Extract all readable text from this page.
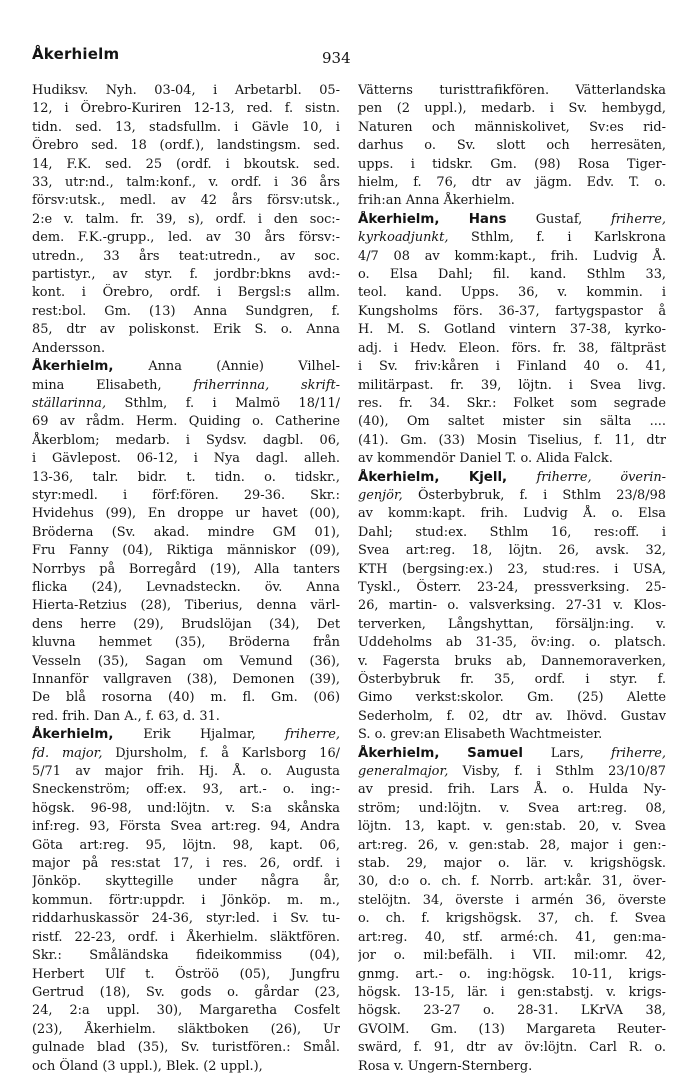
Åkerhielm	934
Hudiksv. Nyh. 03-04, i Arbetarbl. 05-
12, i Örebro-Kuriren 12-13, red. f. sistn.
tidn. sed. 13, stadsfullm. i Gävle 10, i
Örebro sed. 18 (ordf.), landstingsm. sed.
14, F.K. sed. 25 (ordf. i bkoutsk. sed.
33, utr:nd., talm:konf., v. ordf. i 36 års
försv:utsk., medl. av 42 års försv:utsk.,
2:e v. talm. fr. 39, s), ordf. i den soc:-
dem. F.K.-grupp., led. av 30 års försv:-
utredn., 33 års teat:utredn., av soc.
partistyr., av styr. f. jordbr:bkns avd:-
kont. i Örebro, ordf. i Bergsl:s allm.
rest:bol. Gm. (13) Anna Sundgren, f.
85, dtr av poliskonst. Erik S. o. Anna
Andersson.
Åkerhielm, Anna (Annie) Vilhel-
mina Elisabeth, friherrinna, skrift-
ställarinna, Sthlm, f. i Malmö 18/11/
69 av rådm. Herm. Quiding o. Catherine
Åkerblom; medarb. i Sydsv. dagbl. 06,
i Gävlepost. 06-12, i Nya dagl. alleh.
13-36, talr. bidr. t. tidn. o. tidskr.,
styr:medl. i förf:fören. 29-36. Skr.:
Hvidehus (99), En droppe ur havet (00),
Bröderna (Sv. akad. mindre GM 01),
Fru Fanny (04), Riktiga människor (09),
Norrbys på Borregård (19), Alla tanters
flicka (24), Levnadsteckn. öv. Anna
Hierta-Retzius (28), Tiberius, denna värl-
dens herre (29), Brudslöjan (34), Det
kluvna hemmet (35), Bröderna från
Vesseln (35), Sagan om Vemund (36),
Innanför vallgraven (38), Demonen (39),
De blå rosorna (40) m. fl. Gm. (06)
red. frih. Dan A., f. 63, d. 31.
Åkerhielm, Erik Hjalmar, friherre,
fd. major, Djursholm, f. å Karlsborg 16/
5/71 av major frih. Hj. Å. o. Augusta
Sneckenström; off:ex. 93, art.- o. ing:-
högsk. 96-98, und:löjtn. v. S:a skånska
inf:reg. 93, Första Svea art:reg. 94, Andra
Göta art:reg. 95, löjtn. 98, kapt. 06,
major på res:stat 17, i res. 26, ordf. i
Jönköp. skyttegille under några år,
kommun. förtr:uppdr. i Jönköp. m. m.,
riddarhuskassör 24-36, styr:led. i Sv. tu-
ristf. 22-23, ordf. i Åkerhielm. släktfören.
Skr.: Småländska fideikommiss (04),
Herbert Ulf t. Öströö (05), Jungfru
Gertrud (18), Sv. gods o. gårdar (23,
24, 2:a uppl. 30), Margaretha Cosfelt
(23), Åkerhielm. släktboken (26), Ur
gulnade blad (35), Sv. turistfören.: Smål.
och Öland (3 uppl.), Blek. (2 uppl.),
Vätterns turisttrafikfören. Vätterlandska
pen (2 uppl.), medarb. i Sv. hembygd,
Naturen och människolivet, Sv:es rid-
darhus o. Sv. slott och herresäten,
upps. i tidskr. Gm. (98) Rosa Tiger-
hielm, f. 76, dtr av jägm. Edv. T. o.
frih:an Anna Åkerhielm.
Åkerhielm, Hans Gustaf, friherre,
kyrkoadjunkt, Sthlm, f. i Karlskrona
4/7 08 av komm:kapt., frih. Ludvig Å.
o. Elsa Dahl; fil. kand. Sthlm 33,
teol. kand. Upps. 36, v. kommin. i
Kungsholms förs. 36-37, fartygspastor å
H. M. S. Gotland vintern 37-38, kyrko-
adj. i Hedv. Eleon. förs. fr. 38, fältpräst
i Sv. friv:kåren i Finland 40 o. 41,
militärpast. fr. 39, löjtn. i Svea livg.
res. fr. 34. Skr.: Folket som segrade
(40), Om saltet mister sin sälta ....
(41). Gm. (33) Mosin Tiselius, f. 11, dtr
av kommendör Daniel T. o. Alida Falck.
Åkerhielm, Kjell, friherre, överin-
genjör, Österbybruk, f. i Sthlm 23/8/98
av komm:kapt. frih. Ludvig Å. o. Elsa
Dahl; stud:ex. Sthlm 16, res:off. i
Svea art:reg. 18, löjtn. 26, avsk. 32,
KTH (bergsing:ex.) 23, stud:res. i USA,
Tyskl., Österr. 23-24, pressverksing. 25-
26, martin- o. valsverksing. 27-31 v. Klos-
terverken, Långshyttan, försäljn:ing. v.
Uddeholms ab 31-35, öv:ing. o. platsch.
v. Fagersta bruks ab, Dannemoraverken,
Österbybruk fr. 35, ordf. i styr. f.
Gimo verkst:skolor. Gm. (25) Alette
Sederholm, f. 02, dtr av. Ihövd. Gustav
S. o. grev:an Elisabeth Wachtmeister.
Åkerhielm, Samuel Lars, friherre,
generalmajor, Visby, f. i Sthlm 23/10/87
av presid. frih. Lars Å. o. Hulda Ny-
ström; und:löjtn. v. Svea art:reg. 08,
löjtn. 13, kapt. v. gen:stab. 20, v. Svea
art:reg. 26, v. gen:stab. 28, major i gen:-
stab. 29, major o. lär. v. krigshögsk.
30, d:o o. ch. f. Norrb. art:kår. 31, över-
stelöjtn. 34, överste i armén 36, överste
o. ch. f. krigshögsk. 37, ch. f. Svea
art:reg. 40, stf. armé:ch. 41, gen:ma-
jor o. mil:befälh. i VII. mil:omr. 42,
gnmg. art.- o. ing:högsk. 10-11, krigs-
högsk. 13-15, lär. i gen:stabstj. v. krigs-
högsk. 23-27 o. 28-31. LKrVA 38,
GVOlM. Gm. (13) Margareta Reuter-
swärd, f. 91, dtr av öv:löjtn. Carl R. o.
Rosa v. Ungern-Sternberg.
